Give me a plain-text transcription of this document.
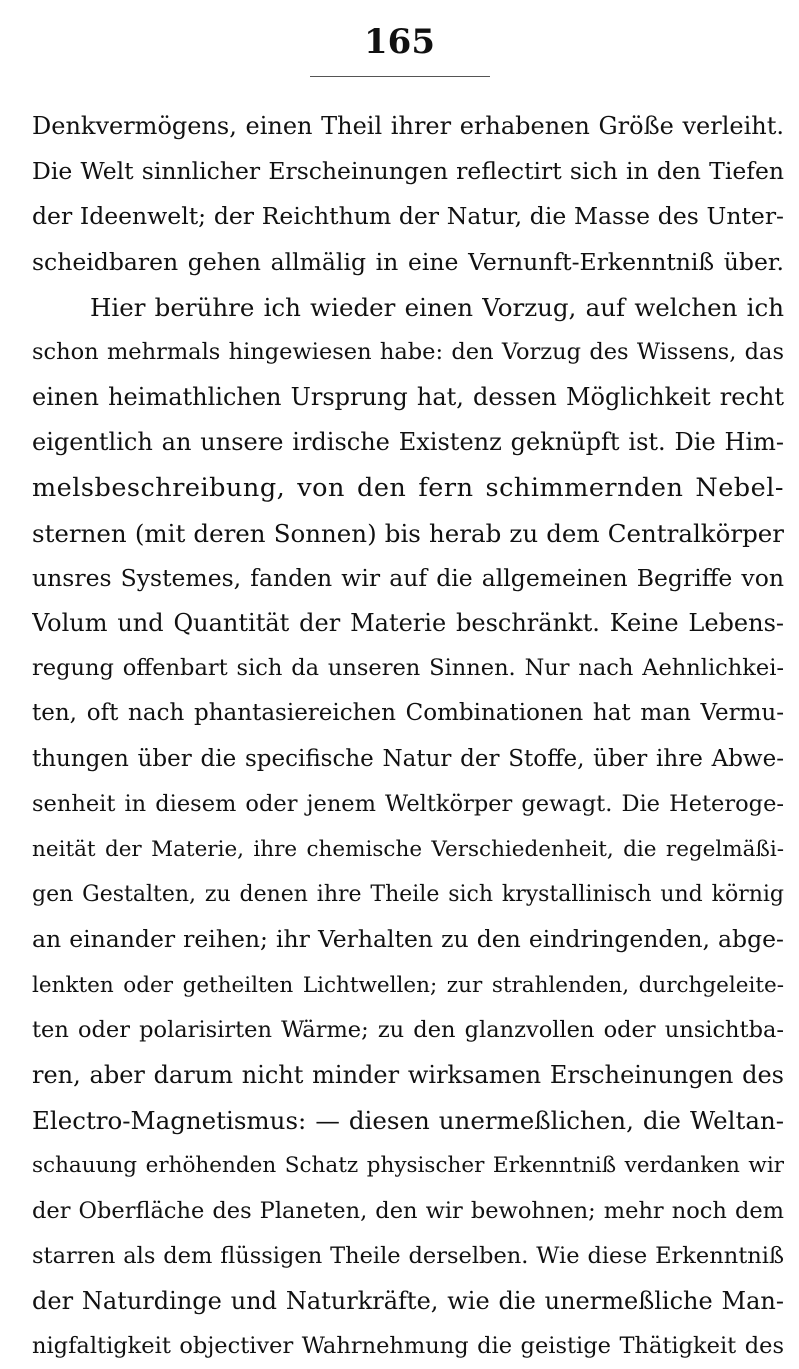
165
Denkvermögens, einen Theil ihrer erhabenen Größe verleiht.
Die Welt sinnlicher Erscheinungen reflectirt sich in den Tiefen
der Ideenwelt; der Reichthum der Natur, die Masse des Unter-
scheidbaren gehen allmälig in eine Vernunft-Erkenntniß über.
Hier berühre ich wieder einen Vorzug, auf welchen ich
schon mehrmals hingewiesen habe: den Vorzug des Wissens, das
einen heimathlichen Ursprung hat, dessen Möglichkeit recht
eigentlich an unsere irdische Existenz geknüpft ist. Die Him-
melsbeschreibung, von den fern schimmernden Nebel-
sternen (mit deren Sonnen) bis herab zu dem Centralkörper
unsres Systemes, fanden wir auf die allgemeinen Begriffe von
Volum und Quantität der Materie beschränkt. Keine Lebens-
regung offenbart sich da unseren Sinnen. Nur nach Aehnlichkei-
ten, oft nach phantasiereichen Combinationen hat man Vermu-
thungen über die specifische Natur der Stoffe, über ihre Abwe-
senheit in diesem oder jenem Weltkörper gewagt. Die Heteroge-
neität der Materie, ihre chemische Verschiedenheit, die regelmäßi-
gen Gestalten, zu denen ihre Theile sich krystallinisch und körnig
an einander reihen; ihr Verhalten zu den eindringenden, abge-
lenkten oder getheilten Lichtwellen; zur strahlenden, durchgeleite-
ten oder polarisirten Wärme; zu den glanzvollen oder unsichtba-
ren, aber darum nicht minder wirksamen Erscheinungen des
Electro-Magnetismus: — diesen unermeßlichen, die Weltan-
schauung erhöhenden Schatz physischer Erkenntniß verdanken wir
der Oberfläche des Planeten, den wir bewohnen; mehr noch dem
starren als dem flüssigen Theile derselben. Wie diese Erkenntniß
der Naturdinge und Naturkräfte, wie die unermeßliche Man-
nigfaltigkeit objectiver Wahrnehmung die geistige Thätigkeit des
